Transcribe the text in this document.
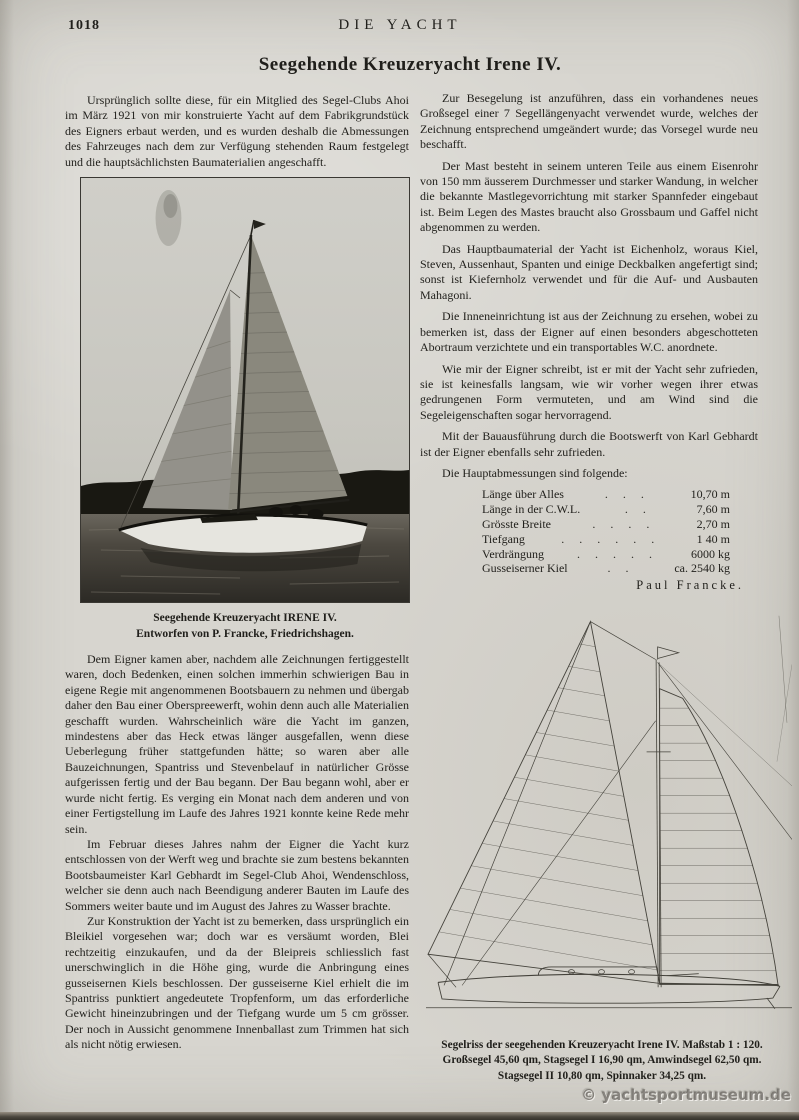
1018	DIE YACHT
Seegehende Kreuzeryacht Irene IV.

Ursprünglich sollte diese, für ein Mitglied des Segel-Clubs Ahoi im März 1921 von mir konstruierte Yacht auf dem Fabrikgrundstück des Eigners erbaut werden, und es wurden deshalb die Abmessungen des Fahrzeuges nach dem zur Verfügung stehenden Raum festgelegt und die hauptsächlichsten Baumaterialien angeschafft.

Seegehende Kreuzeryacht IRENE IV.
Entworfen von P. Francke, Friedrichshagen.

Dem Eigner kamen aber, nachdem alle Zeichnungen fertiggestellt waren, doch Bedenken, einen solchen immerhin schwierigen Bau in eigene Regie mit angenommenen Bootsbauern zu nehmen und übergab daher den Bau einer Oberspreewerft, wohin denn auch alle Materialien geschafft wurden. Wahrscheinlich wäre die Yacht im ganzen, mindestens aber das Heck etwas länger ausgefallen, wenn diese Ueberlegung früher stattgefunden hätte; so waren aber alle Bauzeichnungen, Spantriss und Stevenbelauf in natürlicher Grösse aufgerissen fertig und der Bau begann. Der Bau begann wohl, aber er wurde nicht fertig. Es verging ein Monat nach dem anderen und von einer Fertigstellung im Laufe des Jahres 1921 konnte keine Rede mehr sein.

Im Februar dieses Jahres nahm der Eigner die Yacht kurz entschlossen von der Werft weg und brachte sie zum bestens bekannten Bootsbaumeister Karl Gebhardt im Segel-Club Ahoi, Wendenschloss, welcher sie denn auch nach Beendigung anderer Bauten im Laufe des Sommers weiter baute und im August des Jahres zu Wasser brachte.

Zur Konstruktion der Yacht ist zu bemerken, dass ursprünglich ein Bleikiel vorgesehen war; doch war es versäumt worden, Blei rechtzeitig einzukaufen, und da der Bleipreis schliesslich fast unerschwinglich in die Höhe ging, wurde die Anbringung eines gusseisernen Kiels beschlossen. Der gusseiserne Kiel erhielt die im Spantriss punktiert angedeutete Tropfenform, um das erforderliche Gewicht hineinzubringen und der Tiefgang wurde um 5 cm grösser. Der noch in Aussicht genommene Innenballast zum Trimmen hat sich als nicht nötig erwiesen.

Zur Besegelung ist anzuführen, dass ein vorhandenes neues Großsegel einer 7 Segellängenyacht verwendet wurde, welches der Zeichnung entsprechend umgeändert wurde; das Vorsegel wurde neu beschafft.

Der Mast besteht in seinem unteren Teile aus einem Eisenrohr von 150 mm äusserem Durchmesser und starker Wandung, in welcher die bekannte Mastlegevorrichtung mit starker Spannfeder eingebaut ist. Beim Legen des Mastes braucht also Grossbaum und Gaffel nicht abgenommen zu werden.

Das Hauptbaumaterial der Yacht ist Eichenholz, woraus Kiel, Steven, Aussenhaut, Spanten und einige Deckbalken angefertigt sind; sonst ist Kiefernholz verwendet und für die Auf- und Ausbauten Mahagoni.

Die Inneneinrichtung ist aus der Zeichnung zu ersehen, wobei zu bemerken ist, dass der Eigner auf einen besonders abgeschotteten Abortraum verzichtete und ein transportables W.C. anordnete.

Wie mir der Eigner schreibt, ist er mit der Yacht sehr zufrieden, sie ist keinesfalls langsam, wie wir vorher wegen ihrer etwas gedrungenen Form vermuteten, und am Wind sind die Segeleigenschaften sogar hervorragend.

Mit der Bauausführung durch die Bootswerft von Karl Gebhardt ist der Eigner ebenfalls sehr zufrieden.

Die Hauptabmessungen sind folgende:

Länge über Alles	. . .	10,70 m
Länge in der C.W.L.	. .	7,60 m
Grösste Breite	. . . .	2,70 m
Tiefgang	. . . . . .	1 40 m
Verdrängung	. . . . .	6000 kg
Gusseiserner Kiel	. .	ca. 2540 kg
Paul Francke.
Segelriss der seegehenden Kreuzeryacht Irene IV. Maßstab 1 : 120.
Großsegel 45,60 qm, Stagsegel I 16,90 qm, Amwindsegel 62,50 qm.
Stagsegel II 10,80 qm, Spinnaker 34,25 qm.
© yachtsportmuseum.de
